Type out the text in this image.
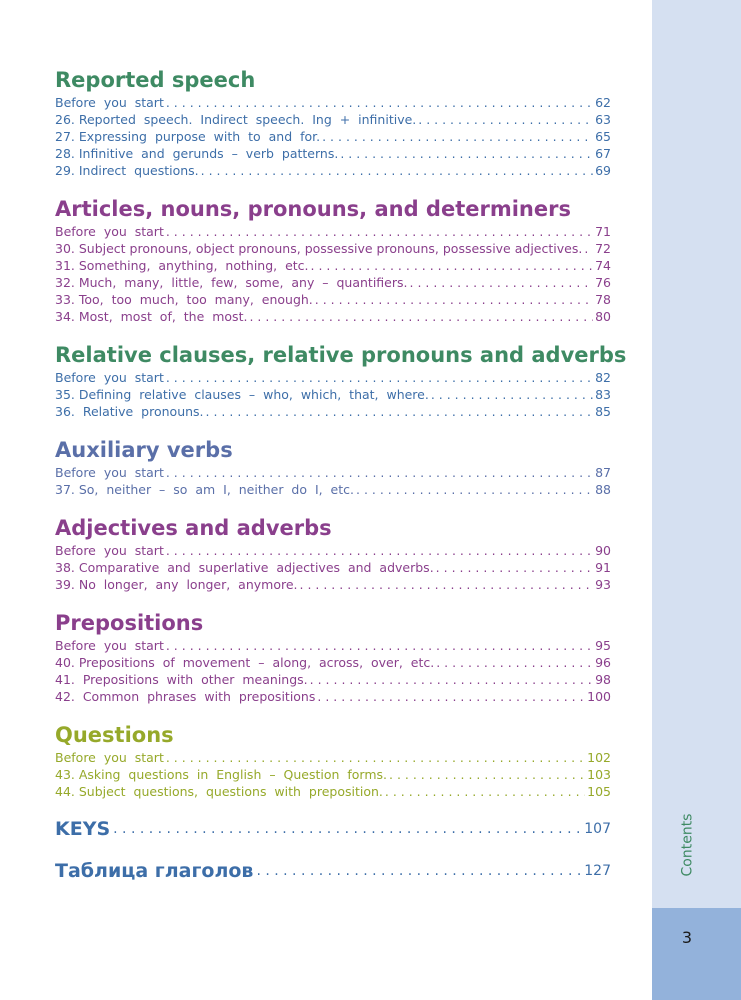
Contents
3
Reported speech
Before  you  start . . .	62
26. Reported  speech.  Indirect  speech.  Ing  +  infinitive. . . .	63
27. Expressing  purpose  with  to  and  for. . . .	65
28. Infinitive  and  gerunds  –  verb  patterns. . . .	67
29. Indirect  questions. . . .	69
Articles, nouns, pronouns, and determiners
Before  you  start . . .	71
30. Subject pronouns, object pronouns, possessive pronouns, possessive adjectives. . . . 72
31. Something,  anything,  nothing,  etc. . . .	74
32. Much,  many,  little,  few,  some,  any  –  quantifiers. . . .	76
33. Too,  too  much,  too  many,  enough. . . .	78
34. Most,  most  of,  the  most. . . .	80
Relative clauses, relative pronouns and adverbs
Before  you  start . . .	82
35. Defining  relative  clauses  –  who,  which,  that,  where. . . .	83
36.  Relative  pronouns. . . .	85
Auxiliary verbs
Before  you  start . . .	87
37. So,  neither  –  so  am  I,  neither  do  I,  etc. . . .	88
Adjectives and adverbs
Before  you  start . . .	90
38. Comparative  and  superlative  adjectives  and  adverbs. . . .	91
39. No  longer,  any  longer,  anymore. . . .	93
Prepositions
Before  you  start . . .	95
40. Prepositions  of  movement  –  along,  across,  over,  etc. . . .	96
41.  Prepositions  with  other  meanings. . . .	98
42.  Common  phrases  with  prepositions . . .	100
Questions
Before  you  start . . .	102
43. Asking  questions  in  English  –  Question  forms. . . .	103
44. Subject  questions,  questions  with  preposition. . . .	105
KEYS . . .	107
Таблица глаголов . . .	127
